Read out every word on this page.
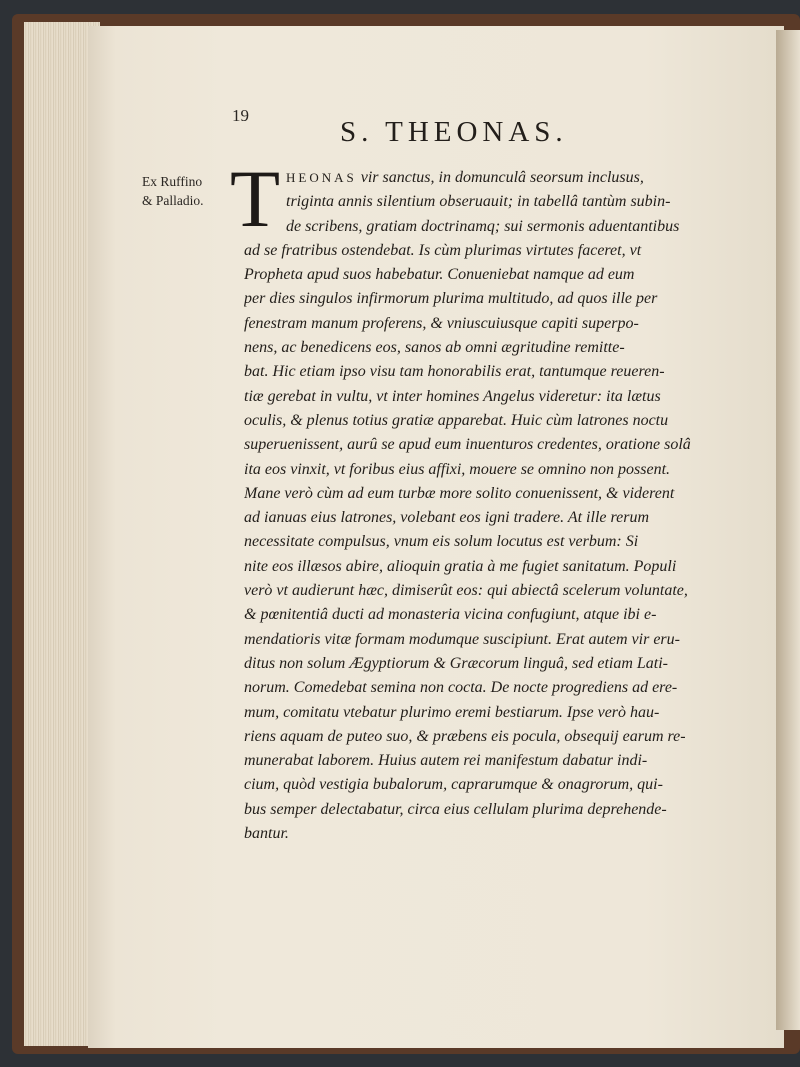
19
S. THEONAS.
Ex Ruffino
& Palladio. T HEONAS vir sanctus, in domunculâ seorsum inclusus,
triginta annis silentium obseruauit; in tabellâ tantùm subin-
de scribens, gratiam doctrinamq; sui sermonis aduentantibus
ad se fratribus ostendebat. Is cùm plurimas virtutes faceret, vt
Propheta apud suos habebatur. Conueniebat namque ad eum
per dies singulos infirmorum plurima multitudo, ad quos ille per
fenestram manum proferens, & vniuscuiusque capiti superpo-
nens, ac benedicens eos, sanos ab omni ægritudine remitte-
bat. Hic etiam ipso visu tam honorabilis erat, tantumque reueren-
tiæ gerebat in vultu, vt inter homines Angelus videretur: ita lætus
oculis, & plenus totius gratiæ apparebat. Huic cùm latrones noctu
superuenissent, aurû se apud eum inuenturos credentes, oratione solâ
ita eos vinxit, vt foribus eius affixi, mouere se omnino non possent.
Mane verò cùm ad eum turbæ more solito conuenissent, & viderent
ad ianuas eius latrones, volebant eos igni tradere. At ille rerum
necessitate compulsus, vnum eis solum locutus est verbum: Si
nite eos illæsos abire, alioquin gratia à me fugiet sanitatum. Populi
verò vt audierunt hæc, dimiserût eos: qui abiectâ scelerum voluntate,
& pœnitentiâ ducti ad monasteria vicina confugiunt, atque ibi e-
mendatioris vitæ formam modumque suscipiunt. Erat autem vir eru-
ditus non solum Ægyptiorum & Græcorum linguâ, sed etiam Lati-
norum. Comedebat semina non cocta. De nocte progrediens ad ere-
mum, comitatu vtebatur plurimo eremi bestiarum. Ipse verò hau-
riens aquam de puteo suo, & præbens eis pocula, obsequij earum re-
munerabat laborem. Huius autem rei manifestum dabatur indi-
cium, quòd vestigia bubalorum, caprarumque & onagrorum, qui-
bus semper delectabatur, circa eius cellulam plurima deprehende-
bantur.
